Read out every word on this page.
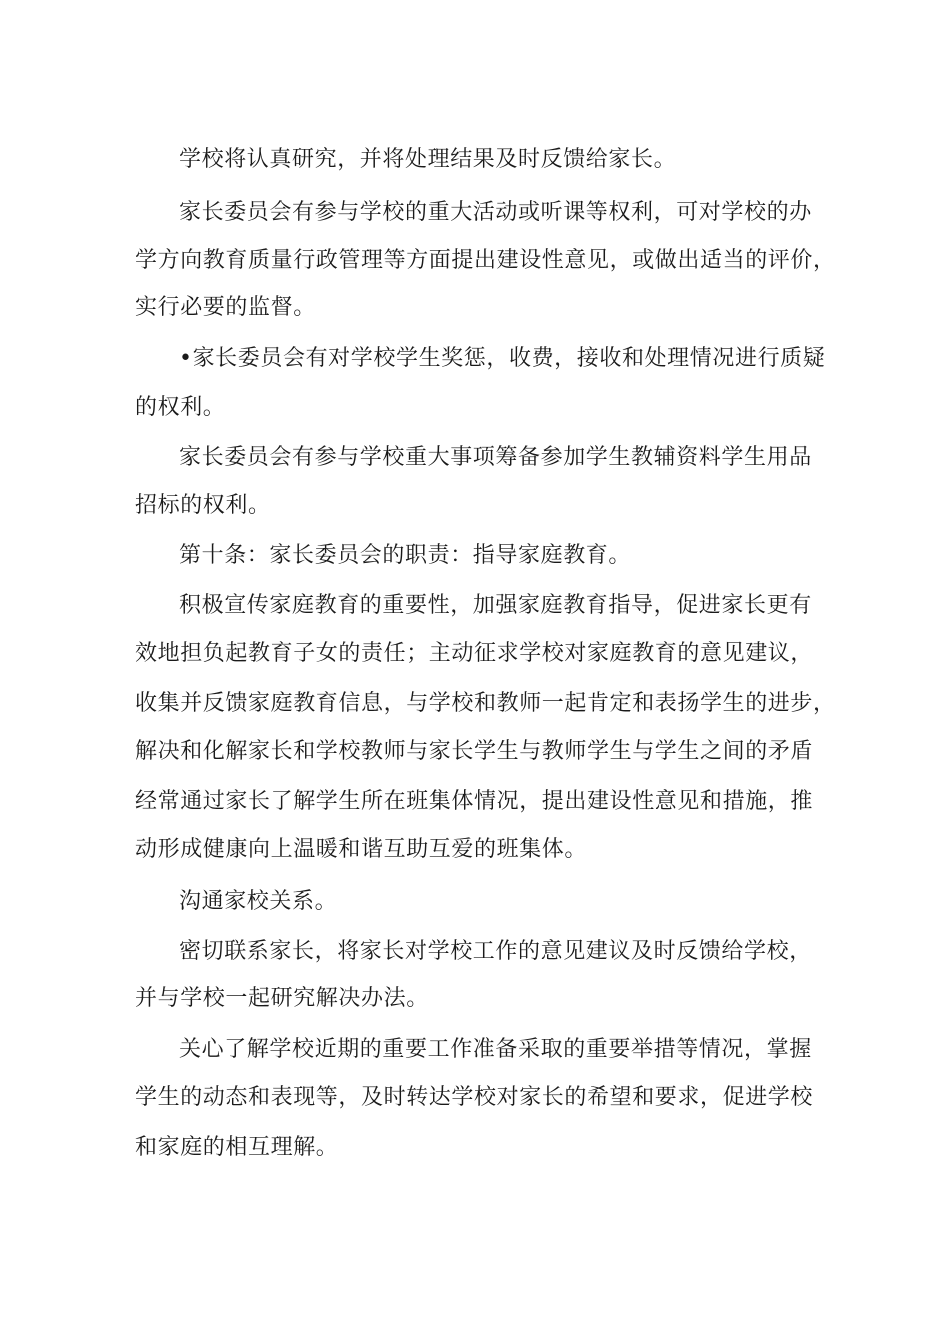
学校将认真研究，并将处理结果及时反馈给家长。
家长委员会有参与学校的重大活动或听课等权利，可对学校的办
学方向教育质量行政管理等方面提出建设性意见，或做出适当的评价，
实行必要的监督。
•家长委员会有对学校学生奖惩，收费，接收和处理情况进行质疑
的权利。
家长委员会有参与学校重大事项筹备参加学生教辅资料学生用品
招标的权利。
第十条：家长委员会的职责：指导家庭教育。
积极宣传家庭教育的重要性，加强家庭教育指导，促进家长更有
效地担负起教育子女的责任；主动征求学校对家庭教育的意见建议，
收集并反馈家庭教育信息，与学校和教师一起肯定和表扬学生的进步，
解决和化解家长和学校教师与家长学生与教师学生与学生之间的矛盾
经常通过家长了解学生所在班集体情况，提出建设性意见和措施，推
动形成健康向上温暖和谐互助互爱的班集体。
沟通家校关系。
密切联系家长，将家长对学校工作的意见建议及时反馈给学校，
并与学校一起研究解决办法。
关心了解学校近期的重要工作准备采取的重要举措等情况，掌握
学生的动态和表现等，及时转达学校对家长的希望和要求，促进学校
和家庭的相互理解。
